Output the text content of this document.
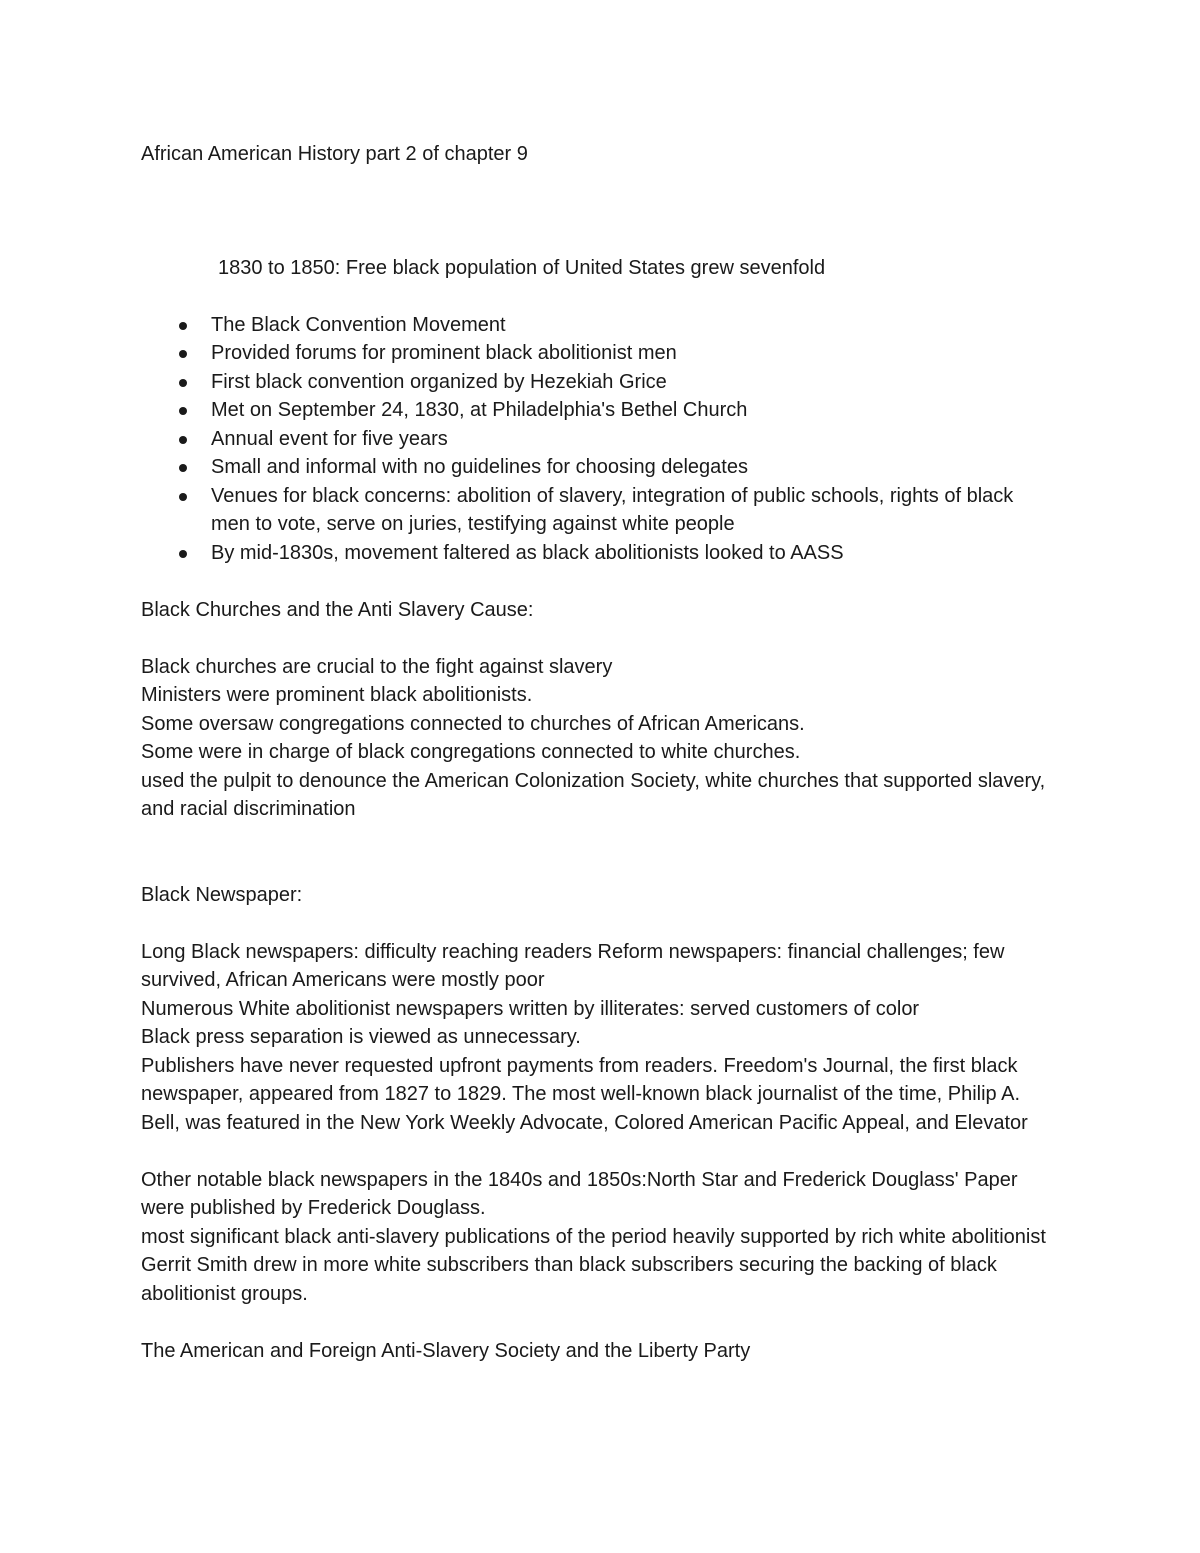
African American History part 2 of chapter 9

1830 to 1850: Free black population of United States grew sevenfold

The Black Convention Movement
Provided forums for prominent black abolitionist men
First black convention organized by Hezekiah Grice
Met on September 24, 1830, at Philadelphia's Bethel Church
Annual event for five years
Small and informal with no guidelines for choosing delegates
Venues for black concerns: abolition of slavery, integration of public schools, rights of black men to vote, serve on juries, testifying against white people
By mid-1830s, movement faltered as black abolitionists looked to AASS

Black Churches and the Anti Slavery Cause:

Black churches are crucial to the fight against slavery

Ministers were prominent black abolitionists.

Some oversaw congregations connected to churches of African Americans.

Some were in charge of black congregations connected to white churches.

used the pulpit to denounce the American Colonization Society, white churches that supported slavery, and racial discrimination

Black Newspaper:

Long Black newspapers: difficulty reaching readers Reform newspapers: financial challenges; few survived, African Americans were mostly poor

Numerous White abolitionist newspapers written by illiterates: served customers of color

Black press separation is viewed as unnecessary.

Publishers have never requested upfront payments from readers. Freedom's Journal, the first black newspaper, appeared from 1827 to 1829. The most well-known black journalist of the time, Philip A. Bell, was featured in the New York Weekly Advocate, Colored American Pacific Appeal, and Elevator

Other notable black newspapers in the 1840s and 1850s:North Star and Frederick Douglass' Paper were published by Frederick Douglass.

most significant black anti-slavery publications of the period heavily supported by rich white abolitionist Gerrit Smith drew in more white subscribers than black subscribers securing the backing of black abolitionist groups.

The American and Foreign Anti-Slavery Society and the Liberty Party
